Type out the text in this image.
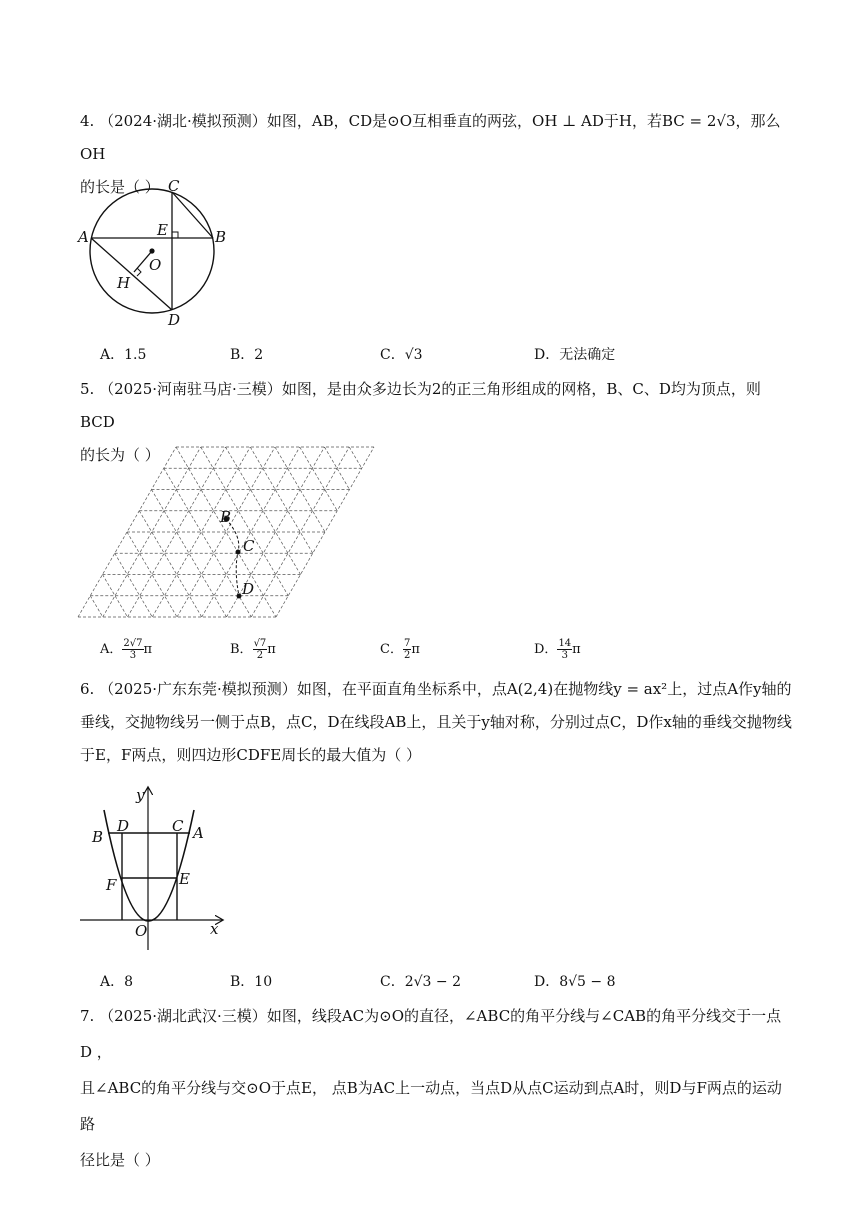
4. （2024·湖北·模拟预测）如图，AB，CD是⊙O互相垂直的两弦，OH ⊥ AD于H，若BC = 2√3，那么OH
的长是（ ） C
A	E	B
O
H
D
A．1.5	B．2	C．√3	D．无法确定
5. （2025·河南驻马店·三模）如图，是由众多边长为2的正三角形组成的网格，B、C、D均为顶点，则BCD
的长为（ ）
B
C
D
A． $\frac{2√7}{3}$ π	B． $\frac{√7}{2}$ π	C． $\frac{7}{2}$ π	D． $\frac{14}{3}$ π
6. （2025·广东东莞·模拟预测）如图，在平面直角坐标系中，点A(2,4)在抛物线y = ax²上，过点A作y轴的
垂线，交抛物线另一侧于点B，点C，D在线段AB上，且关于y轴对称，分别过点C，D作x轴的垂线交抛物线
于E，F两点，则四边形CDFE周长的最大值为（ ）
y
B
D	C A
F	E
O	x
A．8	B．10	C．2√3 − 2	D．8√5 − 8
7. （2025·湖北武汉·三模）如图，线段AC为⊙O的直径，∠ABC的角平分线与∠CAB的角平分线交于一点D ，
且∠ABC的角平分线与交⊙O于点E， 点B为AC上一动点，当点D从点C运动到点A时，则D与F两点的运动路
径比是（ ）
